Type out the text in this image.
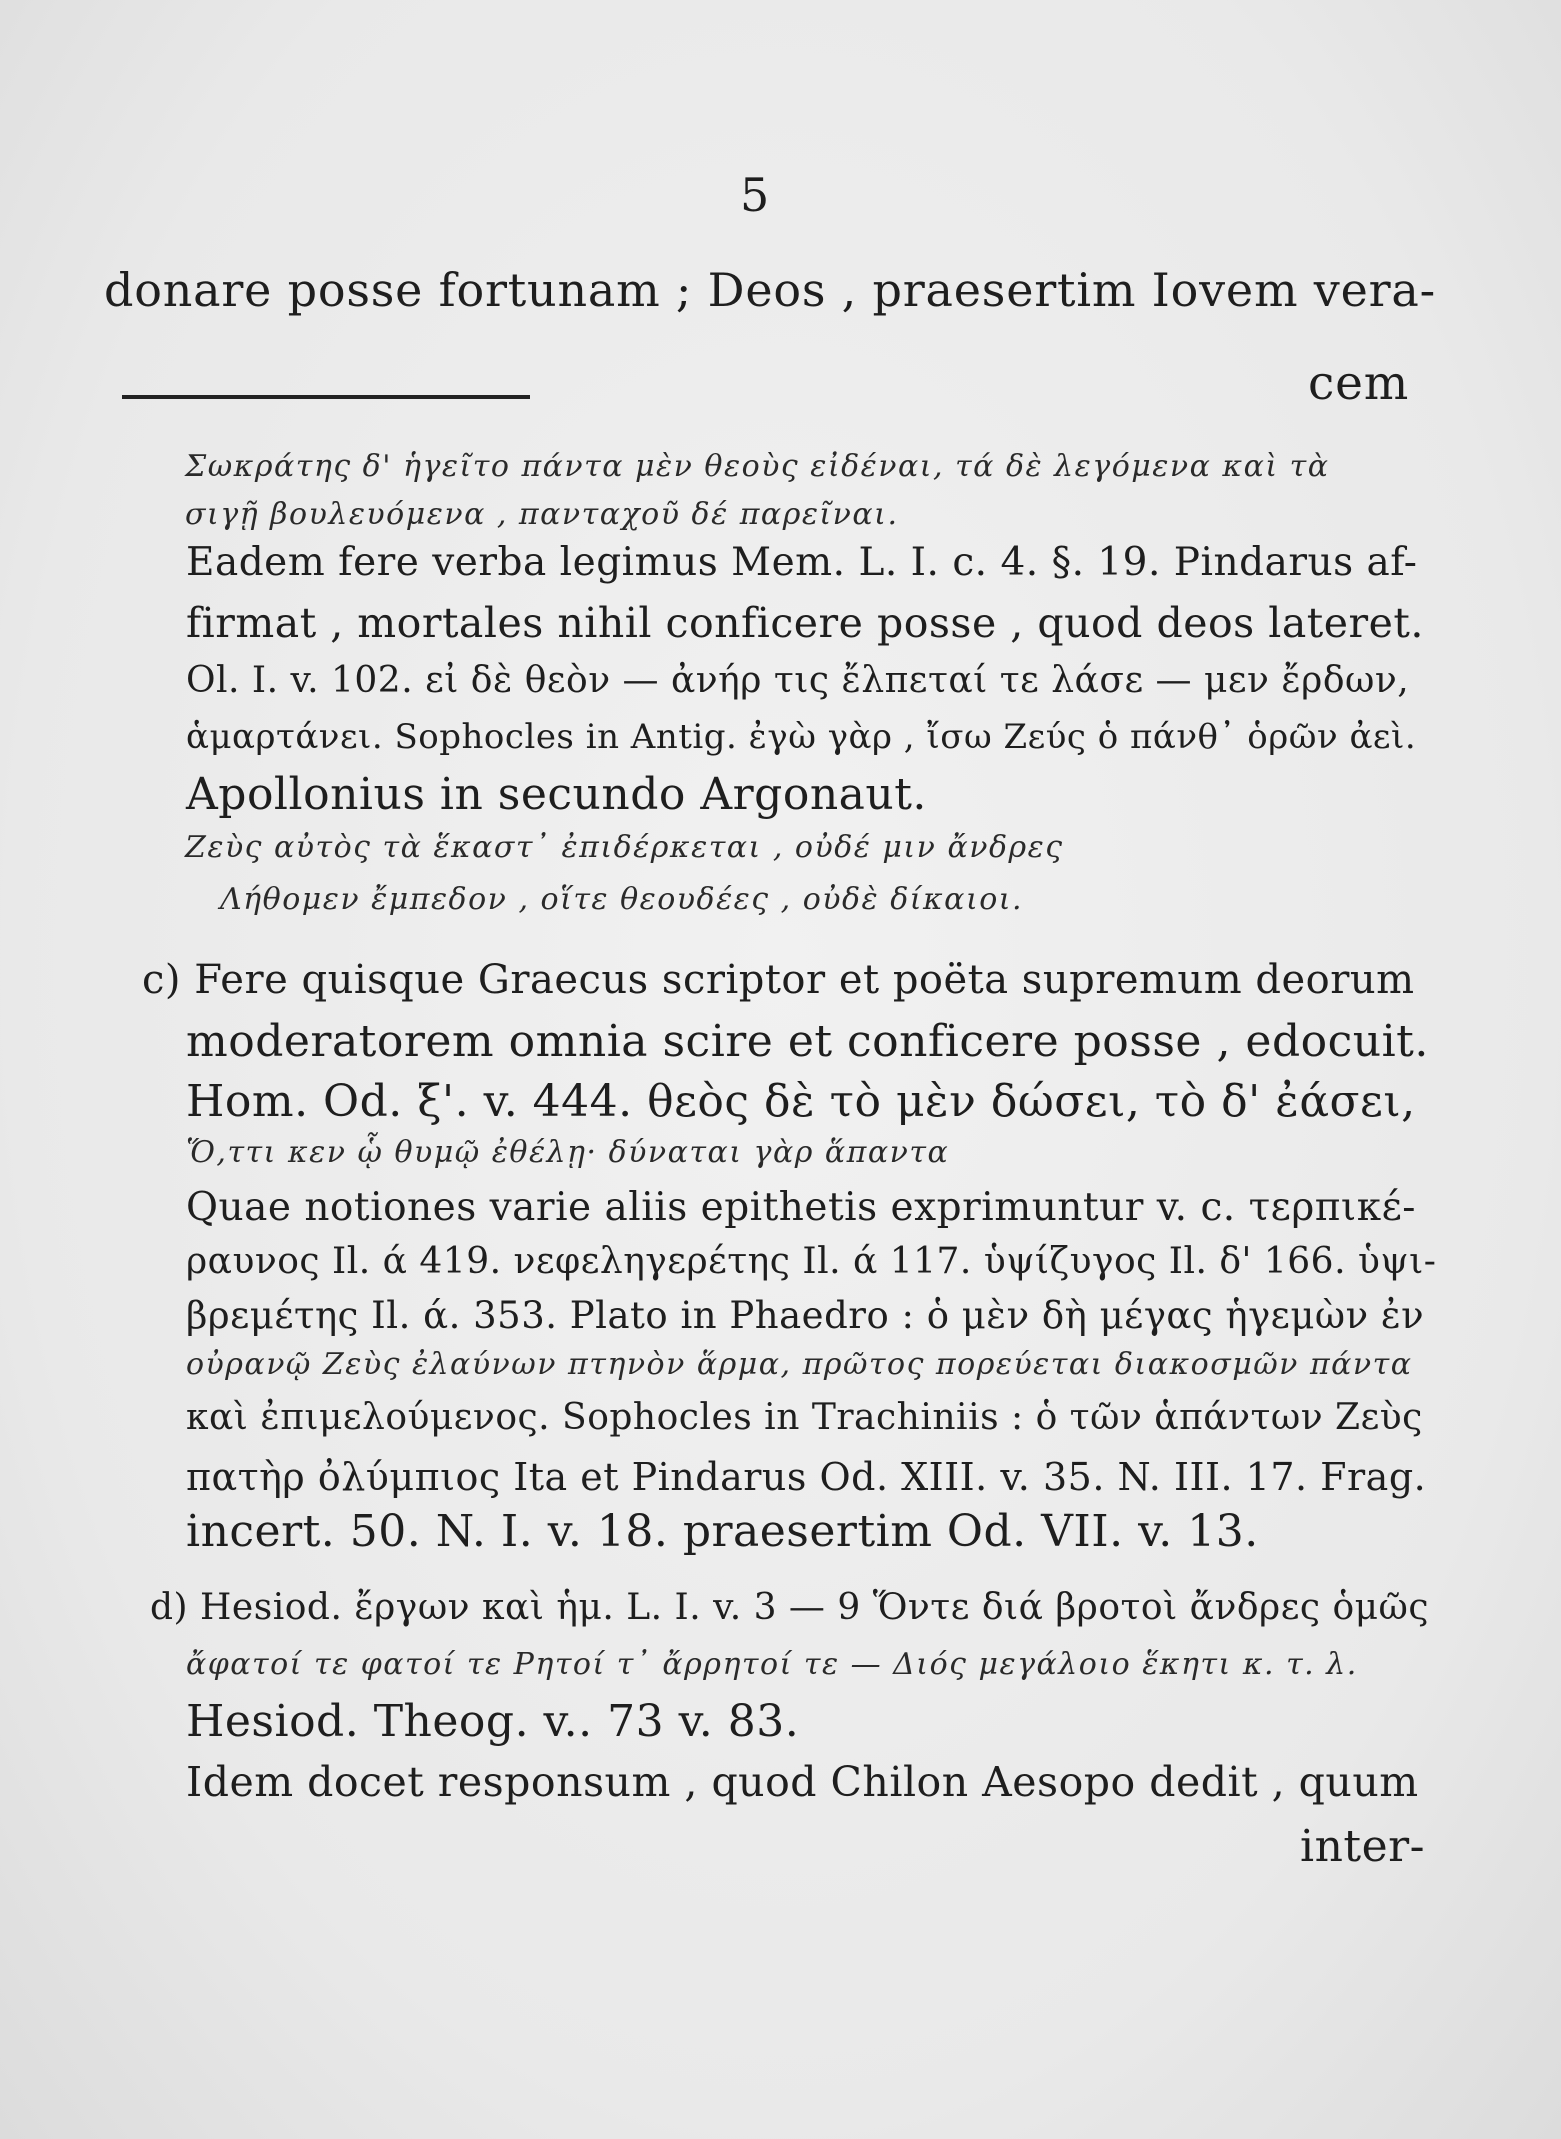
5
donare posse fortunam ; Deos , praesertim Iovem vera-
cem
Σωκράτης δ' ἡγεῖτο πάντα μὲν θεοὺς εἰδέναι, τά δὲ λεγόμενα καὶ τὰ
σιγῇ βουλευόμενα , πανταχοῦ δέ παρεῖναι.
Eadem fere verba legimus Mem. L. I. c. 4. §. 19. Pindarus af-
firmat , mortales nihil conficere posse , quod deos lateret.
Ol. I. v. 102. εἰ δὲ θεὸν — ἀνήρ τις ἔλπεταί τε λάσε — μεν ἔρδων,
ἁμαρτάνει. Sophocles in Antig. ἐγὼ γὰρ , ἴσω Ζεύς ὁ πάνθ᾿ ὁρῶν ἀεὶ.
Apollonius in secundo Argonaut.
Ζεὺς αὐτὸς τὰ ἕκαστ᾿ ἐπιδέρκεται , οὐδέ μιν ἄνδρες
Λήθομεν ἔμπεδον , οἵτε θεουδέες , οὐδὲ δίκαιοι.
c) Fere quisque Graecus scriptor et poëta supremum deorum
moderatorem omnia scire et conficere posse , edocuit.
Hom. Od. ξ'. v. 444. θεὸς δὲ τὸ μὲν δώσει, τὸ δ' ἐάσει,
Ὅ,ττι κεν ᾧ θυμῷ ἐθέλῃ· δύναται γὰρ ἅπαντα
Quae notiones varie aliis epithetis exprimuntur v. c. τερπικέ-
ραυνος Il. ά 419. νεφεληγερέτης Il. ά 117. ὑψίζυγος Il. δ' 166. ὑψι-
βρεμέτης Il. ά. 353. Plato in Phaedro : ὁ μὲν δὴ μέγας ἡγεμὼν ἐν
οὐρανῷ Ζεὺς ἐλαύνων πτηνὸν ἅρμα, πρῶτος πορεύεται διακοσμῶν πάντα
καὶ ἐπιμελούμενος. Sophocles in Trachiniis : ὁ τῶν ἁπάντων Ζεὺς
πατὴρ ὀλύμπιος Ita et Pindarus Od. XIII. v. 35. N. III. 17. Frag.
incert. 50. N. I. v. 18. praesertim Od. VII. v. 13.
d) Hesiod. ἔργων καὶ ἡμ. L. I. v. 3 — 9 Ὅντε διά βροτοὶ ἄνδρες ὁμῶς
ἄφατοί τε φατοί τε Ρητοί τ᾿ ἄρρητοί τε — Διός μεγάλοιο ἕκητι κ. τ. λ.
Hesiod. Theog. v.. 73 v. 83.
Idem docet responsum , quod Chilon Aesopo dedit , quum
inter-
